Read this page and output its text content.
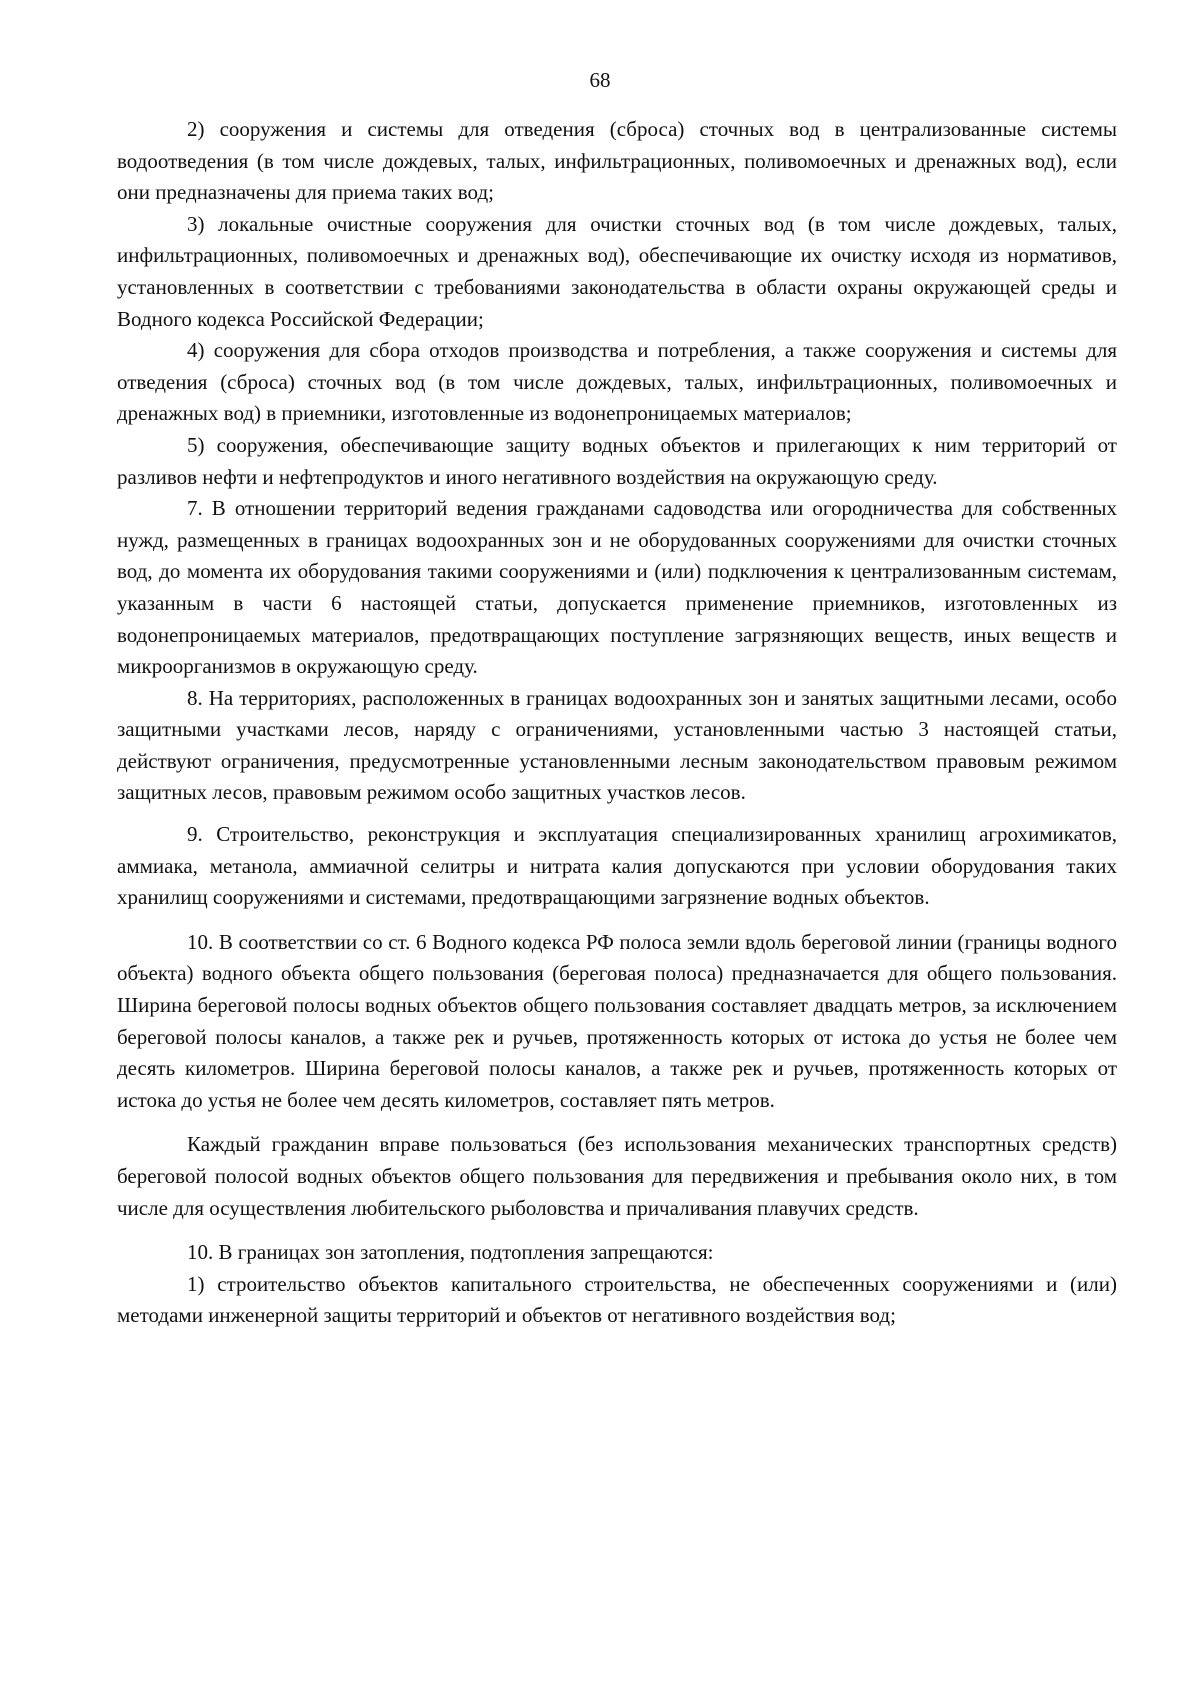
68

2) сооружения и системы для отведения (сброса) сточных вод в централизованные системы водоотведения (в том числе дождевых, талых, инфильтрационных, поливомоечных и дренажных вод), если они предназначены для приема таких вод;

3) локальные очистные сооружения для очистки сточных вод (в том числе дождевых, талых, инфильтрационных, поливомоечных и дренажных вод), обеспечивающие их очистку исходя из нормативов, установленных в соответствии с требованиями законодательства в области охраны окружающей среды и Водного кодекса Российской Федерации;

4) сооружения для сбора отходов производства и потребления, а также сооружения и системы для отведения (сброса) сточных вод (в том числе дождевых, талых, инфильтрационных, поливомоечных и дренажных вод) в приемники, изготовленные из водонепроницаемых материалов;

5) сооружения, обеспечивающие защиту водных объектов и прилегающих к ним территорий от разливов нефти и нефтепродуктов и иного негативного воздействия на окружающую среду.

7. В отношении территорий ведения гражданами садоводства или огородничества для собственных нужд, размещенных в границах водоохранных зон и не оборудованных сооружениями для очистки сточных вод, до момента их оборудования такими сооружениями и (или) подключения к централизованным системам, указанным в части 6 настоящей статьи, допускается применение приемников, изготовленных из водонепроницаемых материалов, предотвращающих поступление загрязняющих веществ, иных веществ и микроорганизмов в окружающую среду.

8. На территориях, расположенных в границах водоохранных зон и занятых защитными лесами, особо защитными участками лесов, наряду с ограничениями, установленными частью 3 настоящей статьи, действуют ограничения, предусмотренные установленными лесным законодательством правовым режимом защитных лесов, правовым режимом особо защитных участков лесов.

9. Строительство, реконструкция и эксплуатация специализированных хранилищ агрохимикатов, аммиака, метанола, аммиачной селитры и нитрата калия допускаются при условии оборудования таких хранилищ сооружениями и системами, предотвращающими загрязнение водных объектов.

10. В соответствии со ст. 6 Водного кодекса РФ полоса земли вдоль береговой линии (границы водного объекта) водного объекта общего пользования (береговая полоса) предназначается для общего пользования. Ширина береговой полосы водных объектов общего пользования составляет двадцать метров, за исключением береговой полосы каналов, а также рек и ручьев, протяженность которых от истока до устья не более чем десять километров. Ширина береговой полосы каналов, а также рек и ручьев, протяженность которых от истока до устья не более чем десять километров, составляет пять метров.

Каждый гражданин вправе пользоваться (без использования механических транспортных средств) береговой полосой водных объектов общего пользования для передвижения и пребывания около них, в том числе для осуществления любительского рыболовства и причаливания плавучих средств.

10. В границах зон затопления, подтопления запрещаются:

1) строительство объектов капитального строительства, не обеспеченных сооружениями и (или) методами инженерной защиты территорий и объектов от негативного воздействия вод;
